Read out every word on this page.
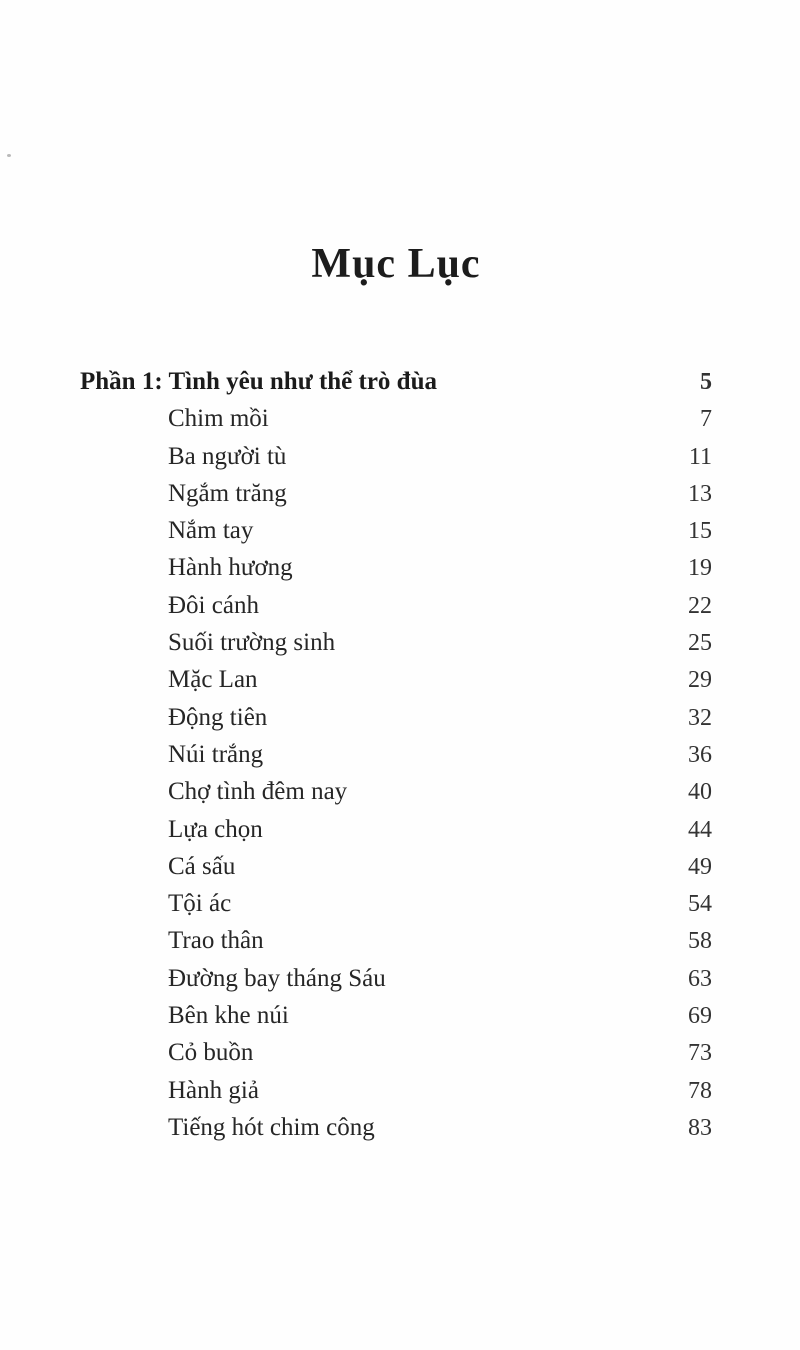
Mục Lục
Phần 1: Tình yêu như thể trò đùa	5
Chim mồi	7
Ba người tù	11
Ngắm trăng	13
Nắm tay	15
Hành hương	19
Đôi cánh	22
Suối trường sinh	25
Mặc Lan	29
Động tiên	32
Núi trắng	36
Chợ tình đêm nay	40
Lựa chọn	44
Cá sấu	49
Tội ác	54
Trao thân	58
Đường bay tháng Sáu	63
Bên khe núi	69
Cỏ buồn	73
Hành giả	78
Tiếng hót chim công	83
